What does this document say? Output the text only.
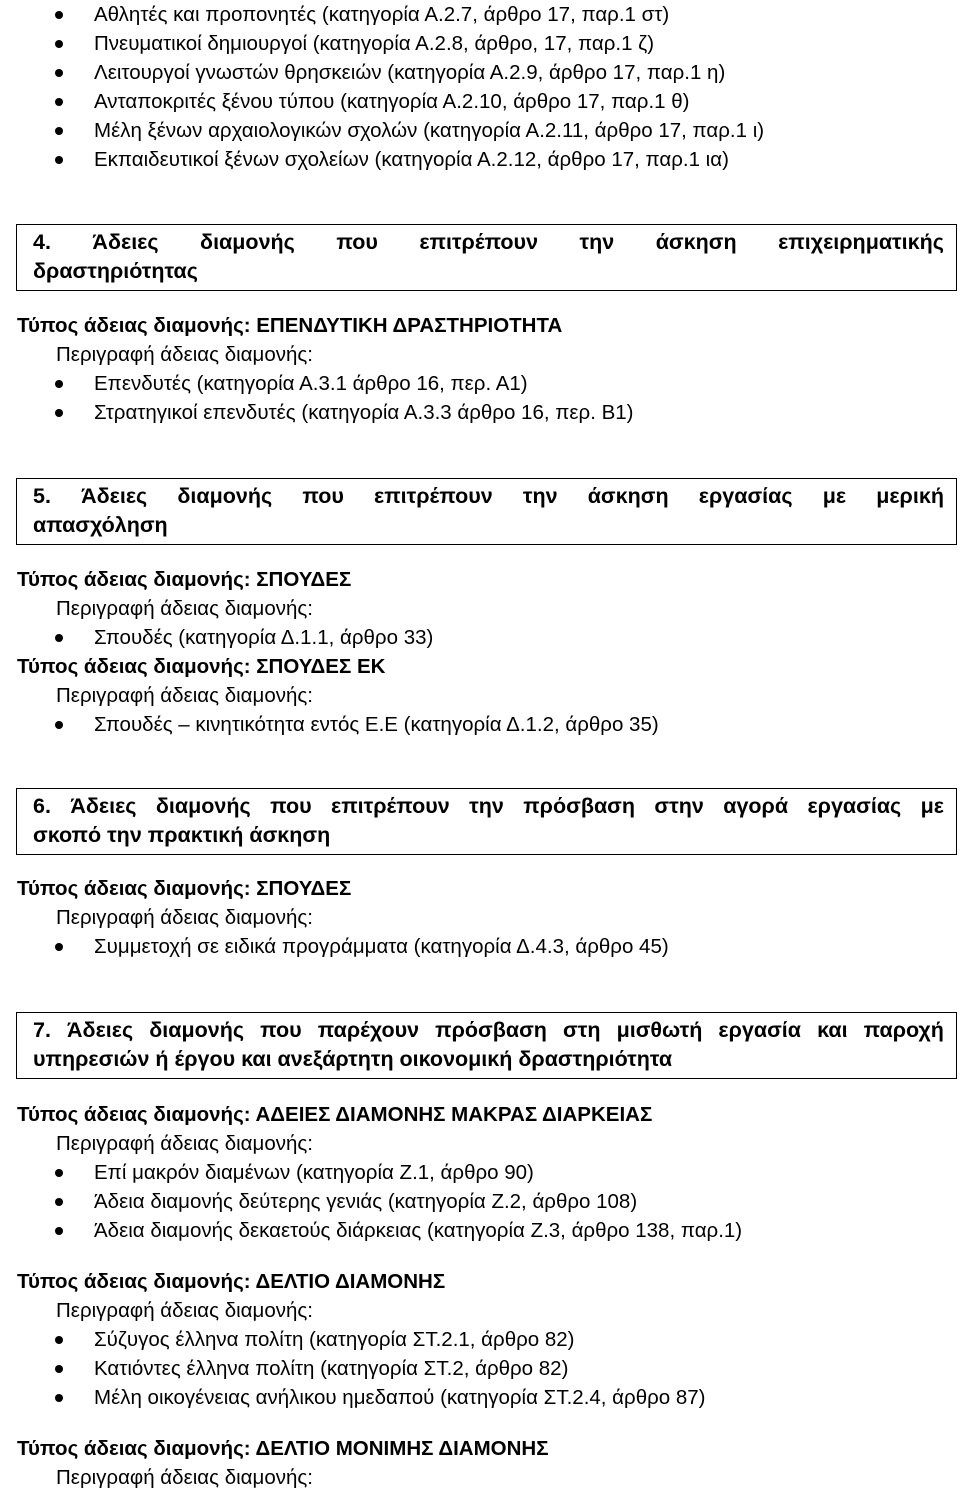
Αθλητές και προπονητές (κατηγορία Α.2.7, άρθρο 17, παρ.1 στ)
Πνευματικοί δημιουργοί (κατηγορία Α.2.8, άρθρο, 17, παρ.1 ζ)
Λειτουργοί γνωστών θρησκειών (κατηγορία Α.2.9, άρθρο 17, παρ.1 η)
Ανταποκριτές ξένου τύπου (κατηγορία Α.2.10, άρθρο 17, παρ.1 θ)
Μέλη ξένων αρχαιολογικών σχολών (κατηγορία Α.2.11, άρθρο 17, παρ.1 ι)
Εκπαιδευτικοί ξένων σχολείων (κατηγορία Α.2.12, άρθρο 17, παρ.1 ια)
4. Άδειες διαμονής που επιτρέπουν την άσκηση επιχειρηματικής
δραστηριότητας
Τύπος άδειας διαμονής: ΕΠΕΝΔΥΤΙΚΗ ΔΡΑΣΤΗΡΙΟΤΗΤΑ
Περιγραφή άδειας διαμονής:
Επενδυτές (κατηγορία Α.3.1 άρθρο 16, περ. Α1)
Στρατηγικοί επενδυτές (κατηγορία Α.3.3 άρθρο 16, περ. Β1)
5. Άδειες διαμονής που επιτρέπουν την άσκηση εργασίας με μερική
απασχόληση
Τύπος άδειας διαμονής: ΣΠΟΥΔΕΣ
Περιγραφή άδειας διαμονής:
Σπουδές (κατηγορία Δ.1.1, άρθρο 33)
Τύπος άδειας διαμονής: ΣΠΟΥΔΕΣ ΕΚ
Περιγραφή άδειας διαμονής:
Σπουδές – κινητικότητα εντός Ε.Ε (κατηγορία Δ.1.2, άρθρο 35)
6. Άδειες διαμονής που επιτρέπουν την πρόσβαση στην αγορά εργασίας με
σκοπό την πρακτική άσκηση
Τύπος άδειας διαμονής: ΣΠΟΥΔΕΣ
Περιγραφή άδειας διαμονής:
Συμμετοχή σε ειδικά προγράμματα (κατηγορία Δ.4.3, άρθρο 45)
7. Άδειες διαμονής που παρέχουν πρόσβαση στη μισθωτή εργασία και παροχή
υπηρεσιών ή έργου και ανεξάρτητη οικονομική δραστηριότητα
Τύπος άδειας διαμονής: ΑΔΕΙΕΣ ΔΙΑΜΟΝΗΣ ΜΑΚΡΑΣ ΔΙΑΡΚΕΙΑΣ
Περιγραφή άδειας διαμονής:
Επί μακρόν διαμένων (κατηγορία Ζ.1, άρθρο 90)
Άδεια διαμονής δεύτερης γενιάς (κατηγορία Ζ.2, άρθρο 108)
Άδεια διαμονής δεκαετούς διάρκειας (κατηγορία Ζ.3, άρθρο 138, παρ.1)
Τύπος άδειας διαμονής: ΔΕΛΤΙΟ ΔΙΑΜΟΝΗΣ
Περιγραφή άδειας διαμονής:
Σύζυγος έλληνα πολίτη (κατηγορία ΣΤ.2.1, άρθρο 82)
Κατιόντες έλληνα πολίτη (κατηγορία ΣΤ.2, άρθρο 82)
Μέλη οικογένειας ανήλικου ημεδαπού (κατηγορία ΣΤ.2.4, άρθρο 87)
Τύπος άδειας διαμονής: ΔΕΛΤΙΟ ΜΟΝΙΜΗΣ ΔΙΑΜΟΝΗΣ
Περιγραφή άδειας διαμονής:
